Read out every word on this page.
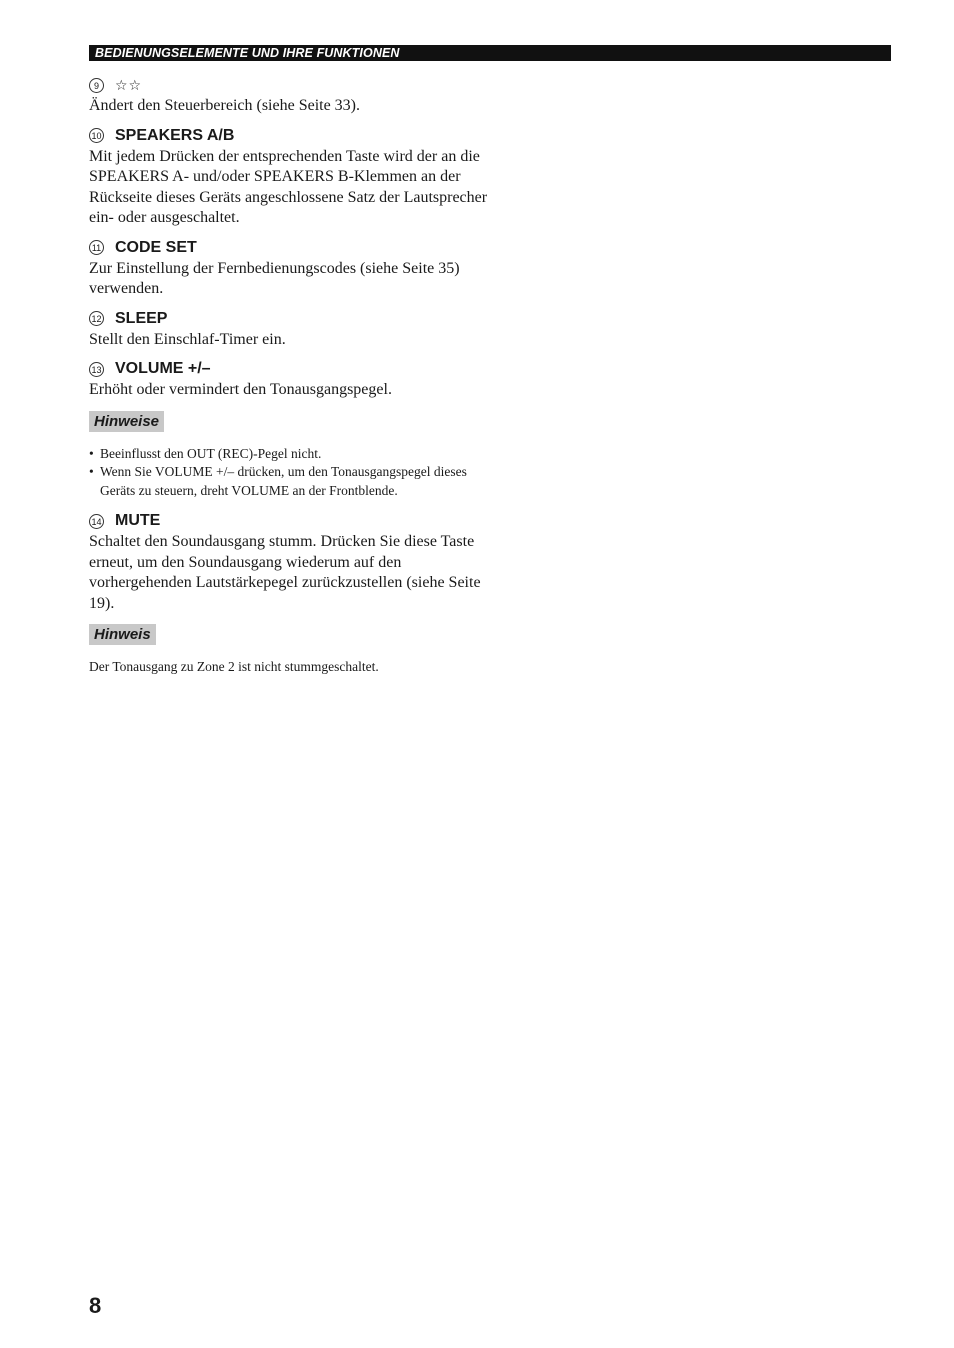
BEDIENUNGSELEMENTE UND IHRE FUNKTIONEN
9	☆☆

Ändert den Steuerbereich (siehe Seite 33).

10 SPEAKERS A/B

Mit jedem Drücken der entsprechenden Taste wird der an die SPEAKERS A- und/oder SPEAKERS B-Klemmen an der Rückseite dieses Geräts angeschlossene Satz der Lautsprecher ein- oder ausgeschaltet.

11 CODE SET

Zur Einstellung der Fernbedienungscodes (siehe Seite 35) verwenden.

12 SLEEP

Stellt den Einschlaf-Timer ein.

13 VOLUME +/–

Erhöht oder vermindert den Tonausgangspegel.

Hinweise
• Beeinflusst den OUT (REC)-Pegel nicht.
• Wenn Sie VOLUME +/– drücken, um den Tonausgangspegel dieses Geräts zu steuern, dreht VOLUME an der Frontblende.
14 MUTE

Schaltet den Soundausgang stumm. Drücken Sie diese Taste erneut, um den Soundausgang wiederum auf den vorhergehenden Lautstärkepegel zurückzustellen (siehe Seite 19).

Hinweis

Der Tonausgang zu Zone 2 ist nicht stummgeschaltet.

8
